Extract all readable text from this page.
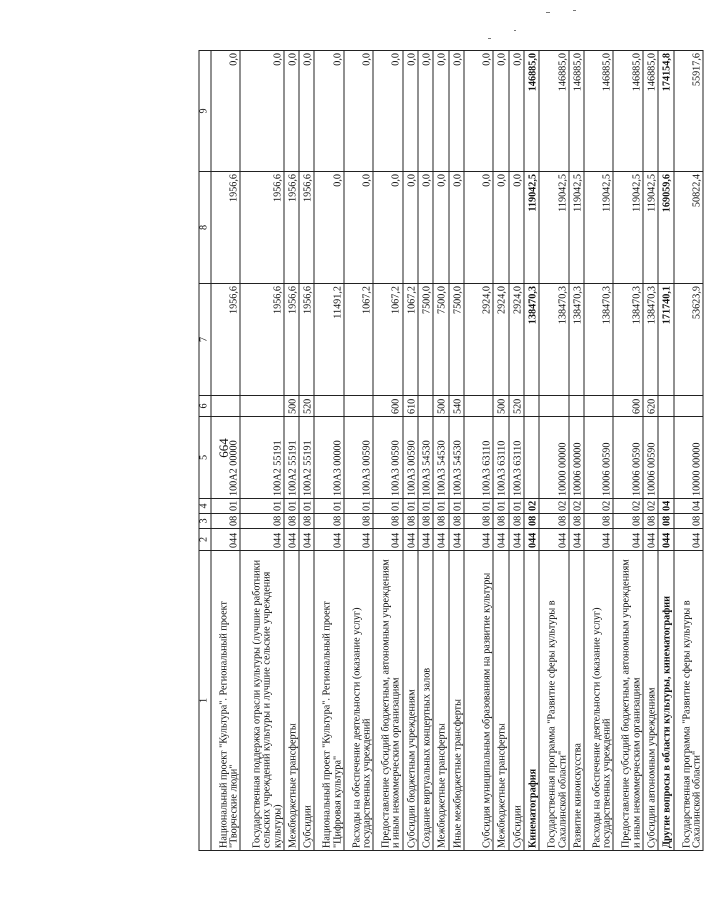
664
1	2	3	4	5	6	7	8	9
Национальный проект "Культура". Региональный проект "Творческие люди"	044	08	01	100A2 00000		1956,6	1956,6	0,0
Государственная поддержка отрасли культуры (лучшие работники сельских учреждений культуры и лучшие сельские учреждения культуры)	044	08	01	100A2 55191		1956,6	1956,6	0,0
Межбюджетные трансферты	044	08	01	100A2 55191	500	1956,6	1956,6	0,0
Субсидии	044	08	01	100A2 55191	520	1956,6	1956,6	0,0
Национальный проект "Культура". Региональный проект "Цифровая культура"	044	08	01	100A3 00000		11491,2	0,0	0,0
Расходы на обеспечение деятельности (оказание услуг) государственных учреждений	044	08	01	100A3 00590		1067,2	0,0	0,0
Предоставление субсидий бюджетным, автономным учреждениям и иным некоммерческим организациям	044	08	01	100A3 00590	600	1067,2	0,0	0,0
Субсидии бюджетным учреждениям	044	08	01	100A3 00590	610	1067,2	0,0	0,0
Создание виртуальных концертных залов	044	08	01	100A3 54530		7500,0	0,0	0,0
Межбюджетные трансферты	044	08	01	100A3 54530	500	7500,0	0,0	0,0
Иные межбюджетные трансферты	044	08	01	100A3 54530	540	7500,0	0,0	0,0
Субсидия муниципальным образованиям на развитие культуры	044	08	01	100A3 63110		2924,0	0,0	0,0
Межбюджетные трансферты	044	08	01	100A3 63110	500	2924,0	0,0	0,0
Субсидии	044	08	01	100A3 63110	520	2924,0	0,0	0,0
Кинематография	044	08	02			138470,3	119042,5	146885,0
Государственная программа "Развитие сферы культуры в Сахалинской области"	044	08	02	10000 00000		138470,3	119042,5	146885,0
Развитие киноискусства	044	08	02	10006 00000		138470,3	119042,5	146885,0
Расходы на обеспечение деятельности (оказание услуг) государственных учреждений	044	08	02	10006 00590		138470,3	119042,5	146885,0
Предоставление субсидий бюджетным, автономным учреждениям и иным некоммерческим организациям	044	08	02	10006 00590	600	138470,3	119042,5	146885,0
Субсидии автономным учреждениям	044	08	02	10006 00590	620	138470,3	119042,5	146885,0
Другие вопросы в области культуры, кинематографии	044	08	04			171740,1	169059,6	174154,8
Государственная программа "Развитие сферы культуры в Сахалинской области"	044	08	04	10000 00000		53623,9	50822,4	55917,6
